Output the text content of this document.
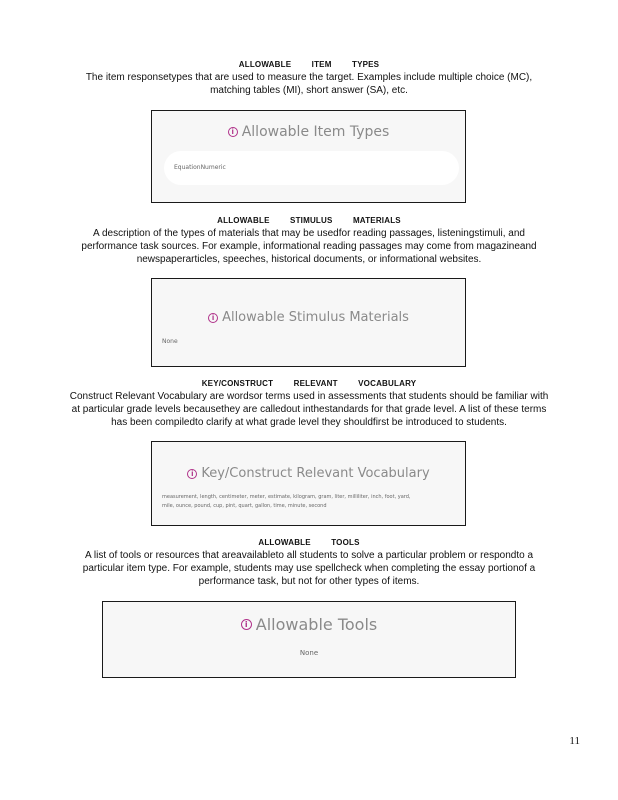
ALLOWABLE ITEM TYPES
The item responsetypes that are used to measure the target. Examples include multiple choice (MC),
matching tables (MI), short answer (SA), etc.
i Allowable Item Types
EquationNumeric
ALLOWABLE STIMULUS MATERIALS
A description of the types of materials that may be usedfor reading passages, listeningstimuli, and
performance task sources. For example, informational reading passages may come from magazineand
newspaperarticles, speeches, historical documents, or informational websites.
i Allowable Stimulus Materials
None
KEY/CONSTRUCT RELEVANT VOCABULARY
Construct Relevant Vocabulary are wordsor terms used in assessments that students should be familiar with
at particular grade levels becausethey are calledout inthestandards for that grade level. A list of these terms
has been compiledto clarify at what grade level they shouldfirst be introduced to students.
i Key/Construct Relevant Vocabulary
measurement, length, centimeter, meter, estimate, kilogram, gram, liter, milliliter, inch, foot, yard,
mile, ounce, pound, cup, pint, quart, gallon, time, minute, second
ALLOWABLE TOOLS
A list of tools or resources that areavailableto all students to solve a particular problem or respondto a
particular item type. For example, students may use spellcheck when completing the essay portionof a
performance task, but not for other types of items.
i Allowable Tools
None
11
